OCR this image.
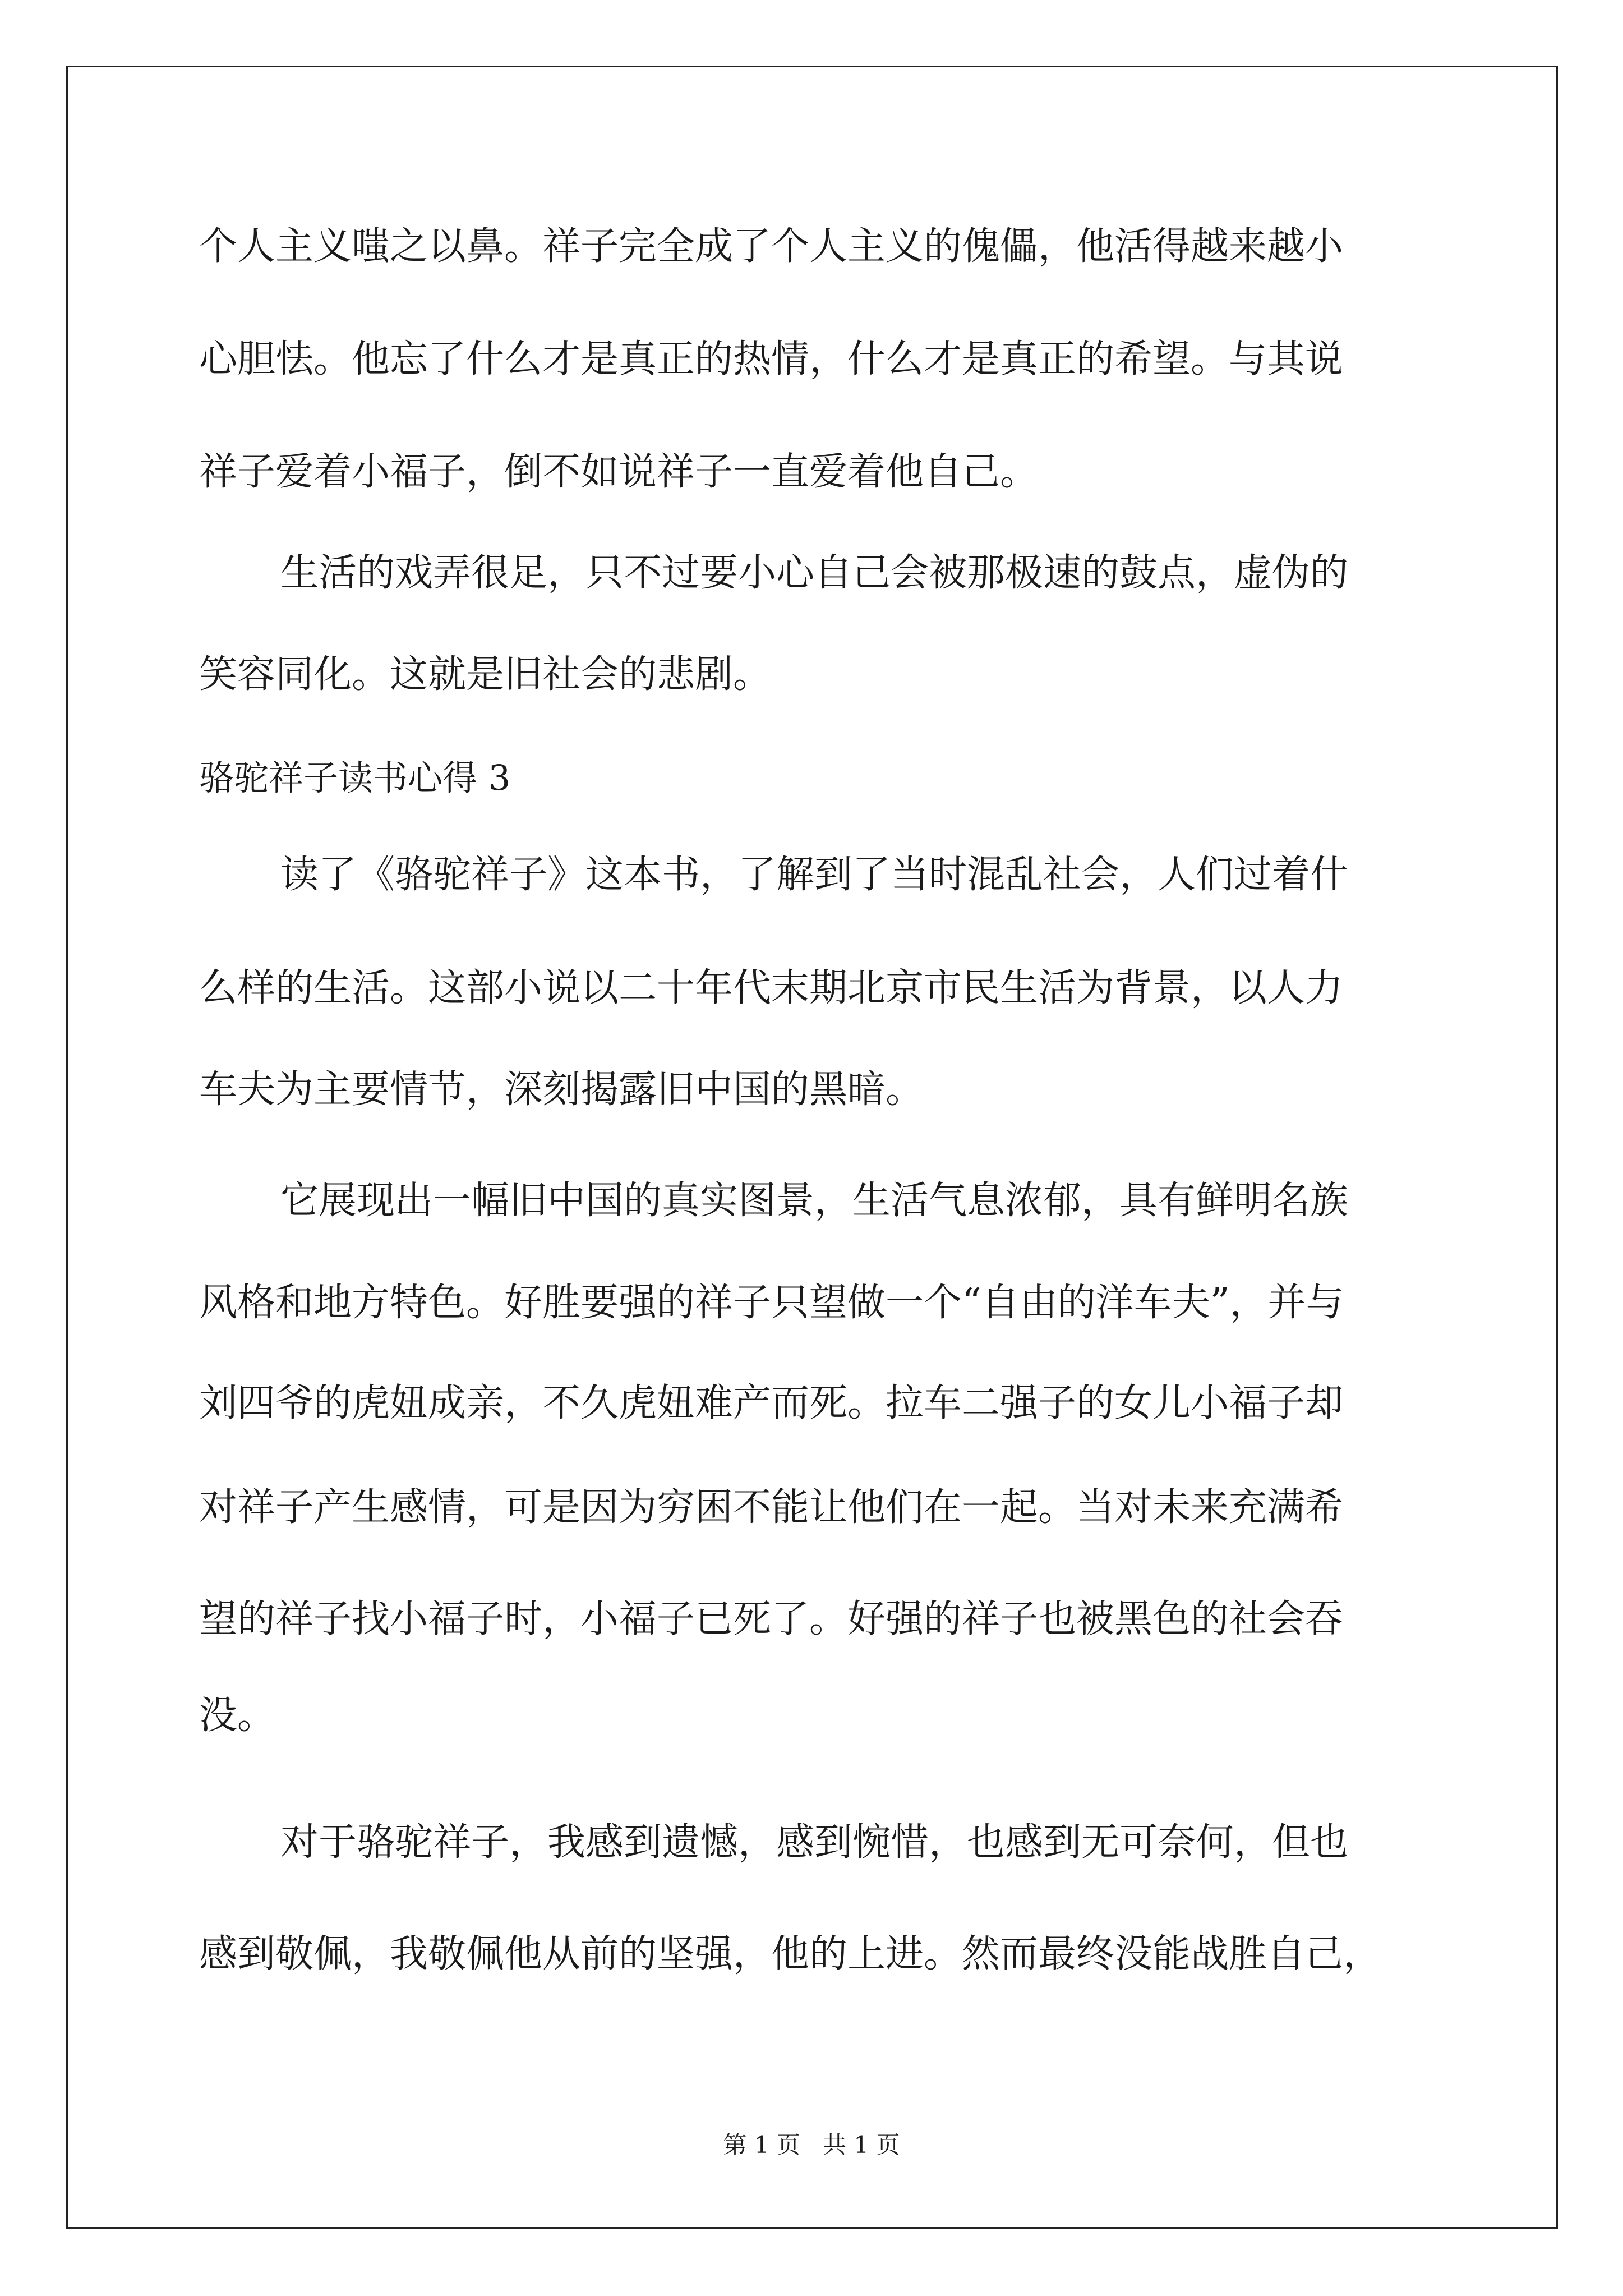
个人主义嗤之以鼻。祥子完全成了个人主义的傀儡，他活得越来越小
心胆怯。他忘了什么才是真正的热情，什么才是真正的希望。与其说
祥子爱着小福子，倒不如说祥子一直爱着他自己。
生活的戏弄很足，只不过要小心自己会被那极速的鼓点，虚伪的
笑容同化。这就是旧社会的悲剧。
骆驼祥子读书心得 3
读了《骆驼祥子》这本书，了解到了当时混乱社会，人们过着什
么样的生活。这部小说以二十年代末期北京市民生活为背景，以人力
车夫为主要情节，深刻揭露旧中国的黑暗。
它展现出一幅旧中国的真实图景，生活气息浓郁，具有鲜明名族
风格和地方特色。好胜要强的祥子只望做一个“自由的洋车夫”，并与
刘四爷的虎妞成亲，不久虎妞难产而死。拉车二强子的女儿小福子却
对祥子产生感情，可是因为穷困不能让他们在一起。当对未来充满希
望的祥子找小福子时，小福子已死了。好强的祥子也被黑色的社会吞
没。
对于骆驼祥子，我感到遗憾，感到惋惜，也感到无可奈何，但也
感到敬佩，我敬佩他从前的坚强，他的上进。然而最终没能战胜自己，
第 1 页   共 1 页
